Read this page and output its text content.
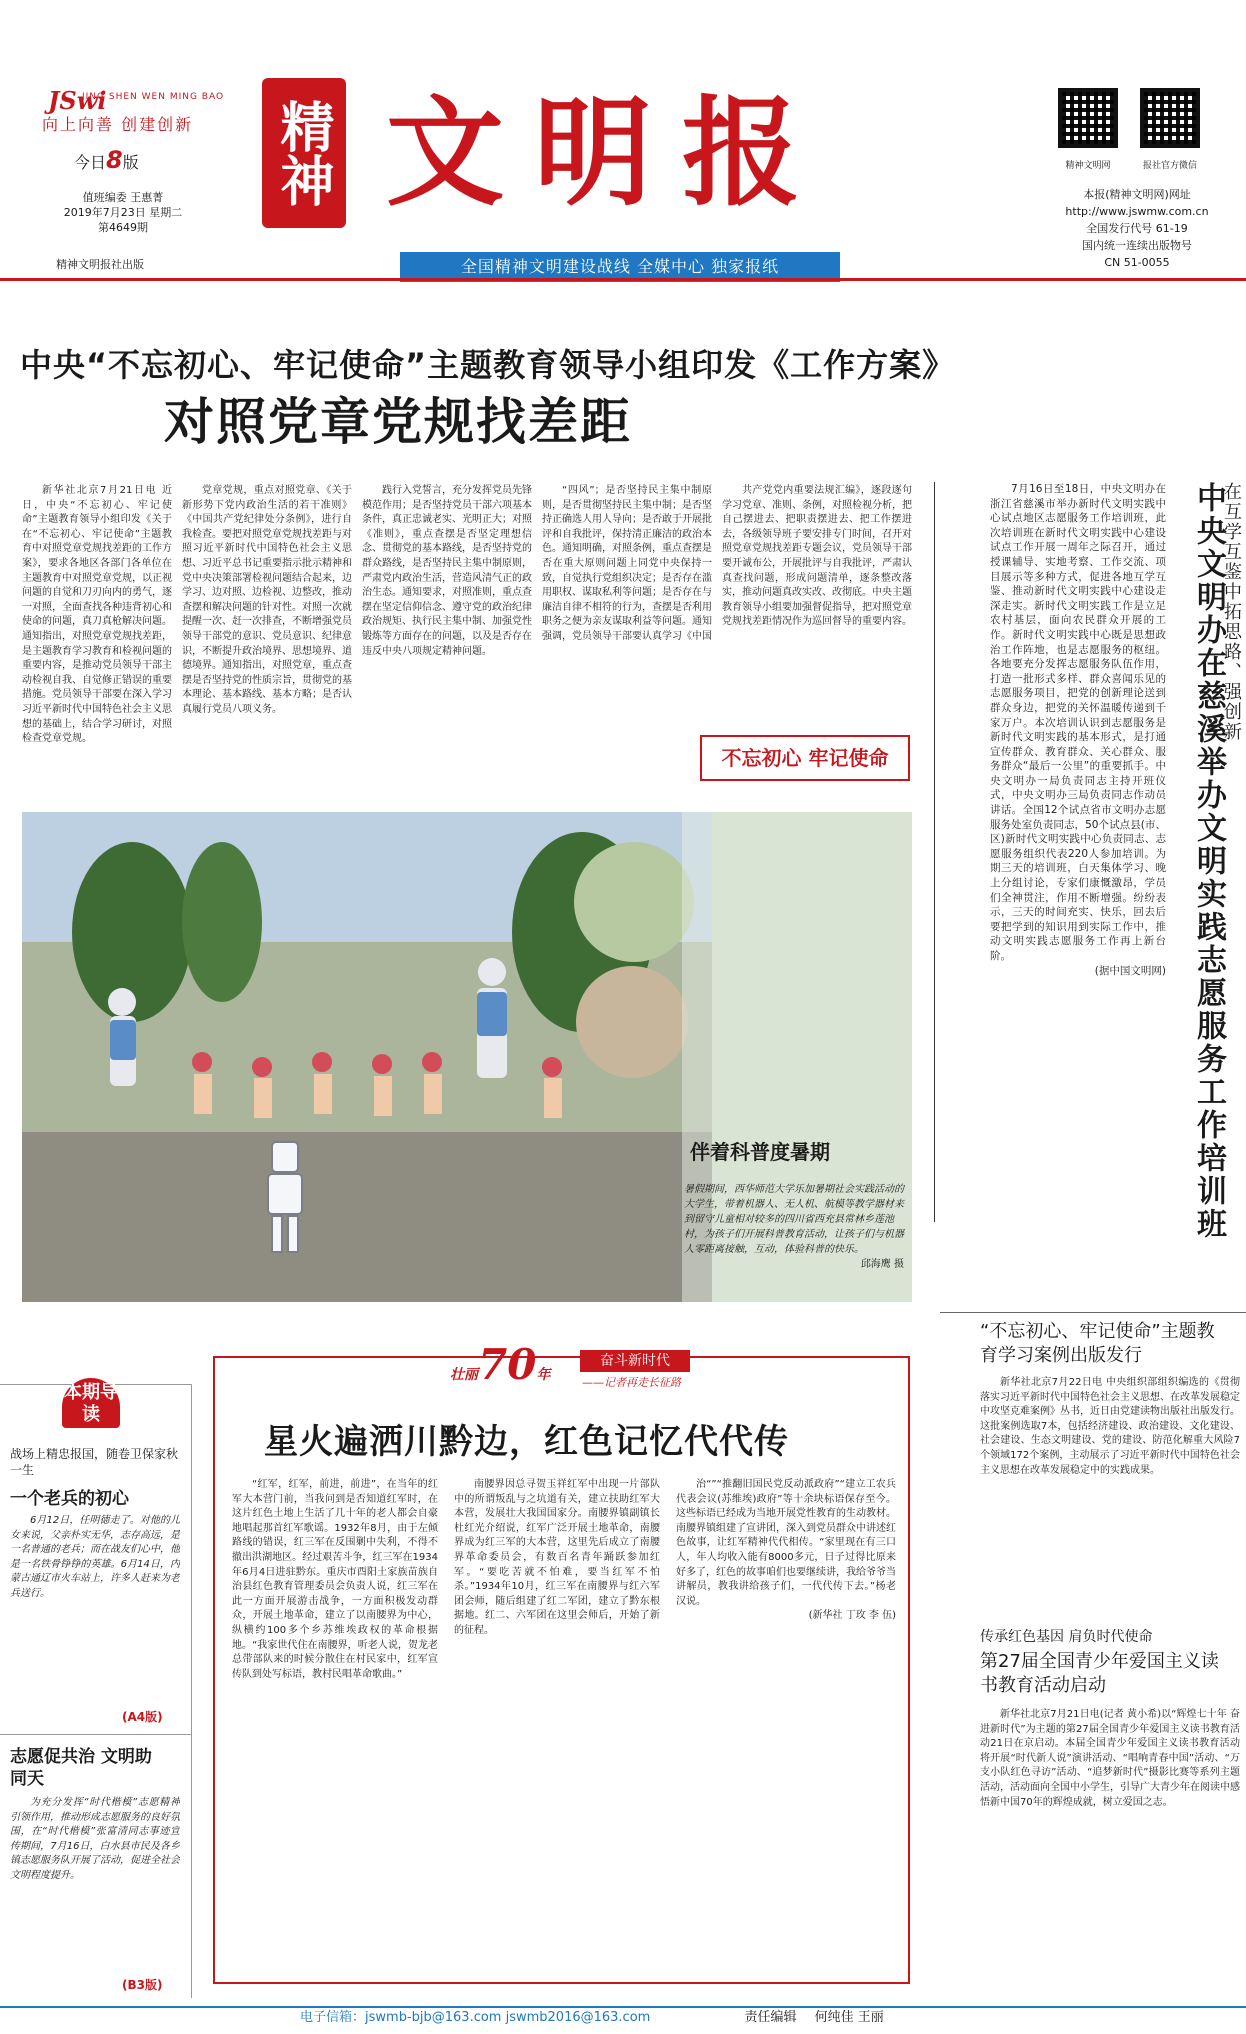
JSwi
JING SHEN WEN MING BAO
向上向善 创建创新
今日8版
值班编委 王惠菁
2019年7月23日 星期二
第4649期
精神文明报社出版
精神 文明报	精神文明网	报社官方微信
本报(精神文明网)网址
http://www.jswmw.com.cn
全国发行代号 61-19
国内统一连续出版物号
CN 51-0055
全国精神文明建设战线 全媒中心 独家报纸
中央“不忘初心、牢记使命”主题教育领导小组印发《工作方案》
对照党章党规找差距

新华社北京7月21日电 近日，中央“不忘初心、牢记使命”主题教育领导小组印发《关于在“不忘初心、牢记使命”主题教育中对照党章党规找差距的工作方案》，要求各地区各部门各单位在主题教育中对照党章党规，以正视问题的自觉和刀刃向内的勇气，逐一对照，全面查找各种违背初心和使命的问题，真刀真枪解决问题。通知指出，对照党章党规找差距，是主题教育学习教育和检视问题的重要内容，是推动党员领导干部主动检视自我、自觉修正错误的重要措施。党员领导干部要在深入学习习近平新时代中国特色社会主义思想的基础上，结合学习研讨，对照检查党章党规。

党章党规，重点对照党章、《关于新形势下党内政治生活的若干准则》《中国共产党纪律处分条例》，进行自我检查。要把对照党章党规找差距与对照习近平新时代中国特色社会主义思想、习近平总书记重要指示批示精神和党中央决策部署检视问题结合起来，边学习、边对照、边检视、边整改，推动查摆和解决问题的针对性。对照一次就提醒一次、赶一次排查，不断增强党员领导干部党的意识、党员意识、纪律意识，不断提升政治境界、思想境界、道德境界。通知指出，对照党章，重点查摆是否坚持党的性质宗旨，贯彻党的基本理论、基本路线、基本方略；是否认真履行党员八项义务。

践行入党誓言，充分发挥党员先锋模范作用；是否坚持党员干部六项基本条件，真正忠诚老实、光明正大；对照《准则》，重点查摆是否坚定理想信念、贯彻党的基本路线，是否坚持党的群众路线，是否坚持民主集中制原则，严肃党内政治生活，营造风清气正的政治生态。通知要求，对照准则，重点查摆在坚定信仰信念、遵守党的政治纪律政治规矩、执行民主集中制、加强党性锻炼等方面存在的问题，以及是否存在违反中央八项规定精神问题。

“四风”；是否坚持民主集中制原则，是否贯彻坚持民主集中制；是否坚持正确选人用人导向；是否敢于开展批评和自我批评，保持清正廉洁的政治本色。通知明确，对照条例，重点查摆是否在重大原则问题上同党中央保持一致，自觉执行党组织决定；是否存在滥用职权、谋取私利等问题；是否存在与廉洁自律不相符的行为，查摆是否利用职务之便为亲友谋取利益等问题。通知强调，党员领导干部要认真学习《中国

共产党党内重要法规汇编》，逐段逐句学习党章、准则、条例，对照检视分析，把自己摆进去、把职责摆进去、把工作摆进去，各级领导班子要安排专门时间，召开对照党章党规找差距专题会议，党员领导干部要开诚布公，开展批评与自我批评，严肃认真查找问题，形成问题清单，逐条整改落实，推动问题真改实改、改彻底。中央主题教育领导小组要加强督促指导，把对照党章党规找差距情况作为巡回督导的重要内容。

不忘初心 牢记使命
在互学互鉴中拓思路、强创新
中央文明办在慈溪举办文明实践志愿服务工作培训班

7月16日至18日，中央文明办在浙江省慈溪市举办新时代文明实践中心试点地区志愿服务工作培训班，此次培训班在新时代文明实践中心建设试点工作开展一周年之际召开，通过授课辅导、实地考察、工作交流、项目展示等多种方式，促进各地互学互鉴、推动新时代文明实践中心建设走深走实。新时代文明实践工作是立足农村基层，面向农民群众开展的工作。新时代文明实践中心既是思想政治工作阵地，也是志愿服务的枢纽。各地要充分发挥志愿服务队伍作用，打造一批形式多样、群众喜闻乐见的志愿服务项目，把党的创新理论送到群众身边，把党的关怀温暖传递到千家万户。本次培训认识到志愿服务是新时代文明实践的基本形式，是打通宣传群众、教育群众、关心群众、服务群众“最后一公里”的重要抓手。中央文明办一局负责同志主持开班仪式，中央文明办三局负责同志作动员讲话。全国12个试点省市文明办志愿服务处室负责同志，50个试点县(市、区)新时代文明实践中心负责同志、志愿服务组织代表220人参加培训。为期三天的培训班，白天集体学习、晚上分组讨论，专家们康慨激昂，学员们全神贯注，作用不断增强。纷纷表示，三天的时间充实、快乐，回去后要把学到的知识用到实际工作中，推动文明实践志愿服务工作再上新台阶。

(据中国文明网)

伴着科普度暑期
暑假期间，西华师范大学乐加暑期社会实践活动的大学生，带着机器人、无人机、航模等教学器材来到留守儿童相对较多的四川省西充县常林乡莲池村，为孩子们开展科普教育活动，让孩子们与机器人零距离接触，互动，体验科普的快乐。
邱海鹰 摄
“不忘初心、牢记使命”主题教育学习案例出版发行

新华社北京7月22日电 中央组织部组织编选的《贯彻落实习近平新时代中国特色社会主义思想、在改革发展稳定中攻坚克难案例》丛书，近日由党建读物出版社出版发行。这批案例选取7本，包括经济建设、政治建设、文化建设、社会建设、生态文明建设、党的建设、防范化解重大风险7个领域172个案例，主动展示了习近平新时代中国特色社会主义思想在改革发展稳定中的实践成果。

传承红色基因 肩负时代使命
第27届全国青少年爱国主义读书教育活动启动

新华社北京7月21日电(记者 黄小希)以“辉煌七十年 奋进新时代”为主题的第27届全国青少年爱国主义读书教育活动21日在京启动。本届全国青少年爱国主义读书教育活动将开展“时代新人说”演讲活动、“唱响青春中国”活动、“万支小队红色寻访”活动、“追梦新时代”摄影比赛等系列主题活动，活动面向全国中小学生，引导广大青少年在阅读中感悟新中国70年的辉煌成就，树立爱国之志。

壮丽70年
奋斗新时代
——记者再走长征路
星火遍洒川黔边，红色记忆代代传

“红军，红军，前进，前进”，在当年的红军大本营门前，当我问到是否知道红军时，在这片红色土地上生活了几十年的老人都会自豪地唱起那首红军歌谣。1932年8月，由于左倾路线的错误，红三军在反围剿中失利，不得不撤出洪湖地区。经过艰苦斗争，红三军在1934年6月4日进驻黔东。重庆市酉阳土家族苗族自治县红色教育管理委员会负责人说，红三军在此一方面开展游击战争，一方面积极发动群众，开展土地革命，建立了以南腰界为中心，纵横约100多个乡苏维埃政权的革命根据地。“我家世代住在南腰界，听老人说，贺龙老总带部队来的时候分散住在村民家中，红军宣传队到处写标语，教村民唱革命歌曲。”

南腰界因总寻贺玉祥红军中出现一片部队中的所谓叛乱与之坑道有关，建立扶助红军大本营，发展壮大我国国家分。南腰界镇副镇长杜红光介绍说，红军广泛开展土地革命，南腰界成为红三军的大本营，这里先后成立了南腰界革命委员会，有数百名青年踊跃参加红军。“要吃苦就不怕难，要当红军不怕杀。”1934年10月，红三军在南腰界与红六军团会师，随后组建了红二军团，建立了黔东根据地。红二、六军团在这里会师后，开始了新的征程。

治“”“推翻旧国民党反动派政府”“建立工农兵代表会议(苏维埃)政府”等十余块标语保存至今。这些标语已经成为当地开展党性教育的生动教材。南腰界镇组建了宣讲团，深入到党员群众中讲述红色故事，让红军精神代代相传。“家里现在有三口人，年人均收入能有8000多元，日子过得比原来好多了，红色的故事咱们也要继续讲，我给爷爷当讲解员，教我讲给孩子们，一代代传下去。”杨老汉说。

(新华社 丁玫 李 伍)

本期导读
战场上精忠报国，随卷卫保家秋一生
一个老兵的初心

6月12日，任明德走了。对他的儿女来说，父亲朴实无华，志存高远，是一名普通的老兵；而在战友们心中，他是一名铁骨铮铮的英雄。6月14日，内蒙古通辽市火车站上，许多人赶来为老兵送行。

(A4版)
志愿促共治 文明助同天

为充分发挥“时代楷模”志愿精神引领作用，推动形成志愿服务的良好氛围，在“时代楷模”张富清同志事迹宣传期间，7月16日，白水县市民及各乡镇志愿服务队开展了活动，促进全社会文明程度提升。

(B3版)
电子信箱：jswmb-bjb@163.com jswmb2016@163.com	责任编辑 何纯佳 王丽
